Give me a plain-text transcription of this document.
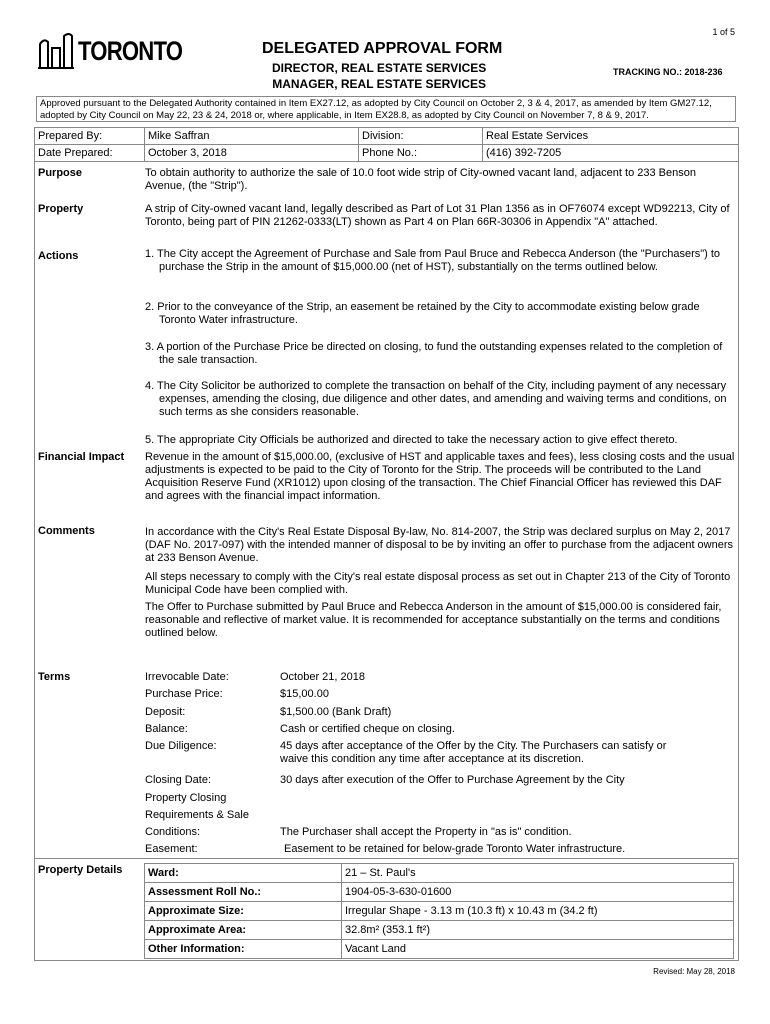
1 of 5
TORONTO	DELEGATED APPROVAL FORM
DIRECTOR, REAL ESTATE SERVICES
MANAGER, REAL ESTATE SERVICES
TRACKING NO.: 2018-236
Approved pursuant to the Delegated Authority contained in Item EX27.12, as adopted by City Council on October 2, 3 & 4, 2017, as amended by Item GM27.12, adopted by City Council on May 22, 23 & 24, 2018 or, where applicable, in Item EX28.8, as adopted by City Council on November 7, 8 & 9, 2017.
Prepared By:	Mike Saffran	Division:	Real Estate Services
Date Prepared:	October 3, 2018	Phone No.:	(416) 392-7205
Purpose	To obtain authority to authorize the sale of 10.0 foot wide strip of City-owned vacant land, adjacent to 233 Benson Avenue, (the "Strip").
Property	A strip of City-owned vacant land, legally described as Part of Lot 31 Plan 1356 as in OF76074 except WD92213, City of Toronto, being part of PIN 21262-0333(LT) shown as Part 4 on Plan 66R-30306 in Appendix "A" attached.
Actions	1. The City accept the Agreement of Purchase and Sale from Paul Bruce and Rebecca Anderson (the "Purchasers") to purchase the Strip in the amount of $15,000.00 (net of HST), substantially on the terms outlined below.
2. Prior to the conveyance of the Strip, an easement be retained by the City to accommodate existing below grade Toronto Water infrastructure.
3. A portion of the Purchase Price be directed on closing, to fund the outstanding expenses related to the completion of the sale transaction.
4. The City Solicitor be authorized to complete the transaction on behalf of the City, including payment of any necessary expenses, amending the closing, due diligence and other dates, and amending and waiving terms and conditions, on such terms as she considers reasonable.
5. The appropriate City Officials be authorized and directed to take the necessary action to give effect thereto.
Financial Impact Revenue in the amount of $15,000.00, (exclusive of HST and applicable taxes and fees), less closing costs and the usual adjustments is expected to be paid to the City of Toronto for the Strip. The proceeds will be contributed to the Land Acquisition Reserve Fund (XR1012) upon closing of the transaction. The Chief Financial Officer has reviewed this DAF and agrees with the financial impact information.
Comments	In accordance with the City's Real Estate Disposal By-law, No. 814-2007, the Strip was declared surplus on May 2, 2017 (DAF No. 2017-097) with the intended manner of disposal to be by inviting an offer to purchase from the adjacent owners at 233 Benson Avenue.
All steps necessary to comply with the City's real estate disposal process as set out in Chapter 213 of the City of Toronto Municipal Code have been complied with.
The Offer to Purchase submitted by Paul Bruce and Rebecca Anderson in the amount of $15,000.00 is considered fair, reasonable and reflective of market value. It is recommended for acceptance substantially on the terms and conditions outlined below.
Terms	Irrevocable Date:	October 21, 2018
Purchase Price:	$15,00.00
Deposit:	$1,500.00 (Bank Draft)
Balance:	Cash or certified cheque on closing.
Due Diligence:	45 days after acceptance of the Offer by the City. The Purchasers can satisfy or waive this condition any time after acceptance at its discretion.
Closing Date:	30 days after execution of the Offer to Purchase Agreement by the City
Property Closing
Requirements & Sale
Conditions:	The Purchaser shall accept the Property in "as is" condition.
Easement:	Easement to be retained for below-grade Toronto Water infrastructure.
Property Details Ward:	21 – St. Paul's
Assessment Roll No.:	1904-05-3-630-01600
Approximate Size:	Irregular Shape - 3.13 m (10.3 ft) x 10.43 m (34.2 ft)
Approximate Area:	32.8m² (353.1 ft²)
Other Information:	Vacant Land
Revised: May 28, 2018
